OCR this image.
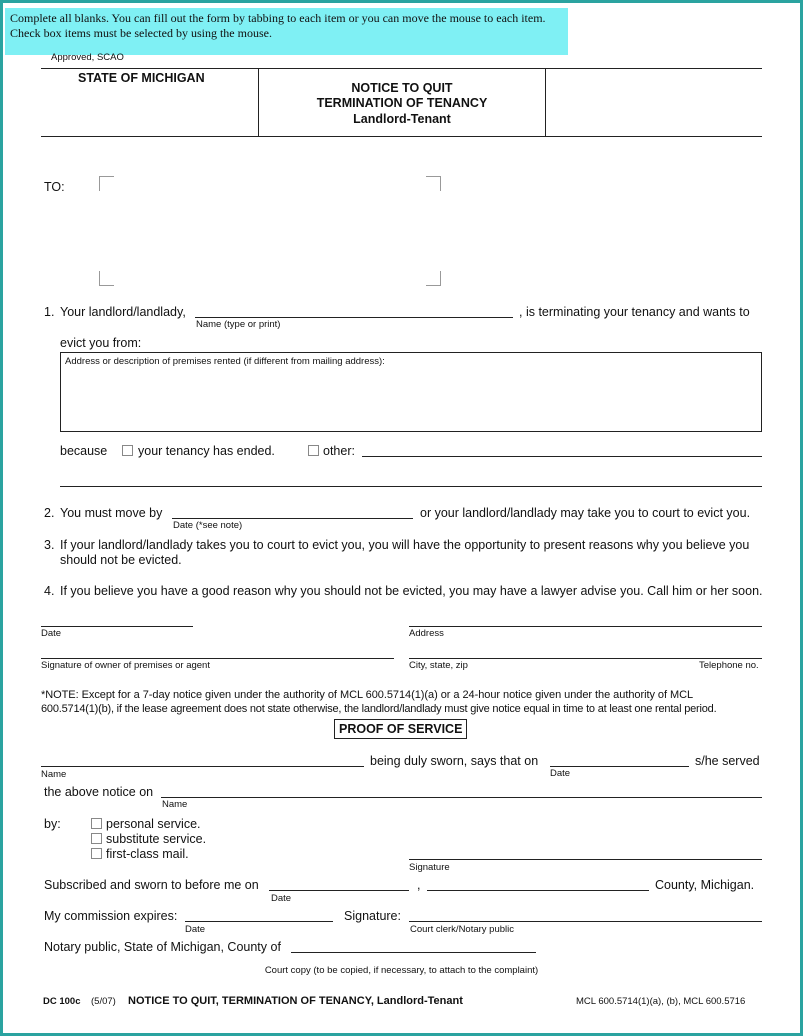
Complete all blanks. You can fill out the form by tabbing to each item or you can move the mouse to each item. Check box items must be selected by using the mouse.
Approved, SCAO
STATE OF MICHIGAN
NOTICE TO QUIT
TERMINATION OF TENANCY
Landlord-Tenant
TO:
1. Your landlord/landlady,
Name (type or print)
, is terminating your tenancy and wants to
evict you from:
Address or description of premises rented (if different from mailing address):
because your tenancy has ended.	other:
2. You must move by
Date (*see note)
or your landlord/landlady may take you to court to evict you.
3. If your landlord/landlady takes you to court to evict you, you will have the opportunity to present reasons why you believe you
should not be evicted.
4. If you believe you have a good reason why you should not be evicted, you may have a lawyer advise you. Call him or her soon.
Date	Address
Signature of owner of premises or agent	City, state, zip	Telephone no.
*NOTE: Except for a 7-day notice given under the authority of MCL 600.5714(1)(a) or a 24-hour notice given under the authority of MCL
600.5714(1)(b), if the lease agreement does not state otherwise, the landlord/landlady must give notice equal in time to at least one rental period.
PROOF OF SERVICE
Name
being duly sworn, says that on
Date
s/he served
the above notice on
Name
by:	personal service.
substitute service.
first-class mail.
Signature
Subscribed and sworn to before me on
Date
,	County, Michigan.
My commission expires:
Date
Signature:
Court clerk/Notary public
Notary public, State of Michigan, County of
Court copy (to be copied, if necessary, to attach to the complaint)
DC 100c (5/07) NOTICE TO QUIT, TERMINATION OF TENANCY, Landlord-Tenant	MCL 600.5714(1)(a), (b), MCL 600.5716
